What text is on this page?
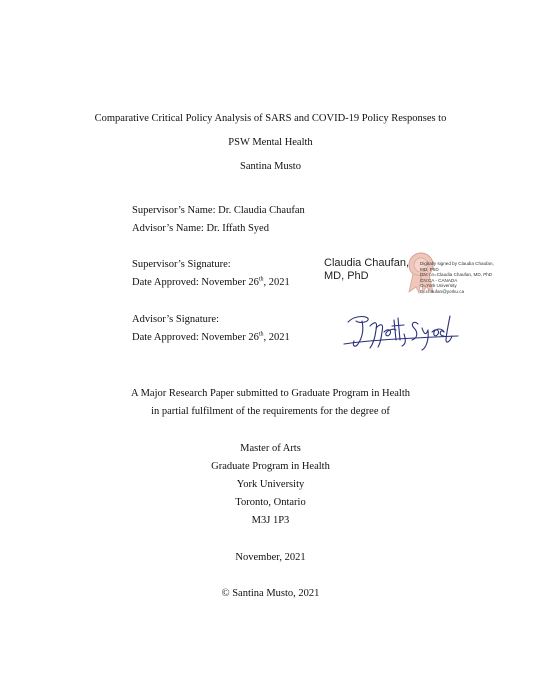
Comparative Critical Policy Analysis of SARS and COVID-19 Policy Responses to
PSW Mental Health
Santina Musto
Supervisor’s Name: Dr. Claudia Chaufan
Advisor’s Name: Dr. Iffath Syed
Supervisor’s Signature:
Date Approved: November 26th, 2021
Claudia Chaufan,
MD, PhD
Digitally signed by Claudia Chaufan,
MD, PhD
DN: cn=Claudia Chaufan, MD, PhD
CN:CA - CANADA
O=York University
E=chaufan@yorku.ca
Advisor’s Signature:
Date Approved: November 26th, 2021
A Major Research Paper submitted to Graduate Program in Health
in partial fulfilment of the requirements for the degree of
Master of Arts
Graduate Program in Health
York University
Toronto, Ontario
M3J 1P3
November, 2021
© Santina Musto, 2021
